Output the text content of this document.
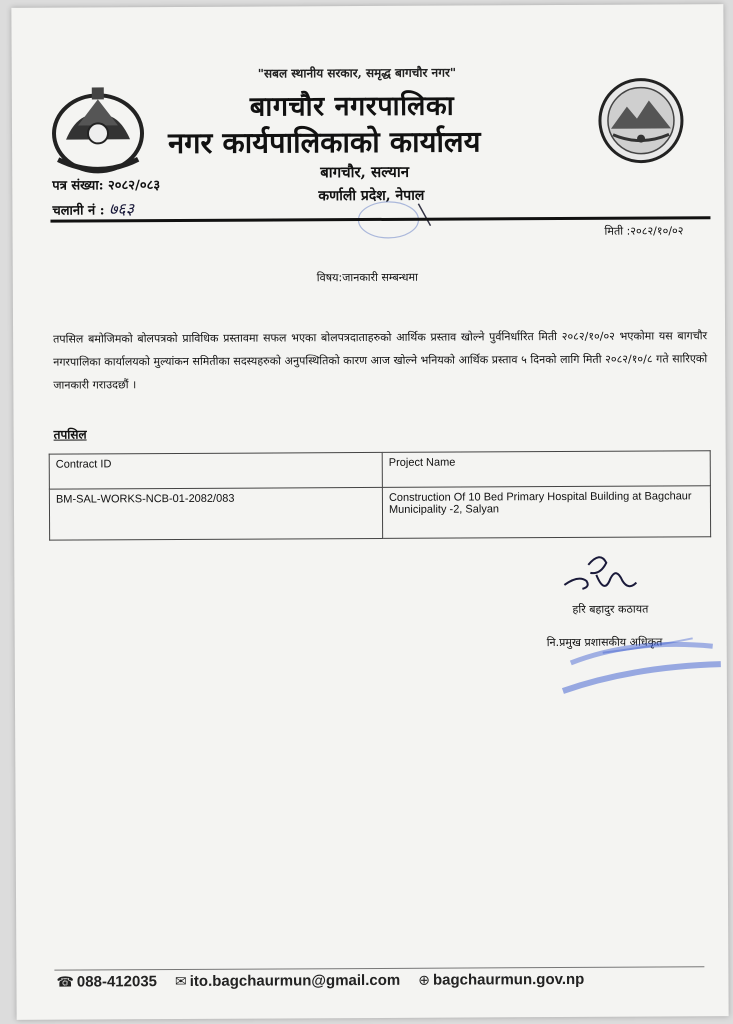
"सबल स्थानीय सरकार, समृद्ध बागचौर नगर"
बागचौर नगरपालिका
नगर कार्यपालिकाको कार्यालय
बागचौर, सल्यान
कर्णाली प्रदेश, नेपाल
पत्र संख्या: २०८२/०८३
चलानी नं : ७६३
मिती :२०८२/१०/०२
विषय:जानकारी सम्बन्धमा
तपसिल बमोजिमको बोलपत्रको प्राविधिक प्रस्तावमा सफल भएका बोलपत्रदाताहरुको आर्थिक प्रस्ताव खोल्ने पुर्वनिर्धारित मिती २०८२/१०/०२ भएकोमा यस बागचौर नगरपालिका कार्यालयको मुल्यांकन समितीका सदस्यहरुको अनुपस्थितिको कारण आज खोल्ने भनियको आर्थिक प्रस्ताव ५ दिनको लागि मिती २०८२/१०/८ गते सारिएको जानकारी गराउदछौं ।
तपसिल
Contract ID	Project Name
BM-SAL-WORKS-NCB-01-2082/083	Construction Of 10 Bed Primary Hospital Building at Bagchaur Municipality -2, Salyan
हरि बहादुर कठायत
नि.प्रमुख प्रशासकीय अधिकृत
☎ 088-412035 ✉ ito.bagchaurmun@gmail.com ⊕ bagchaurmun.gov.np
